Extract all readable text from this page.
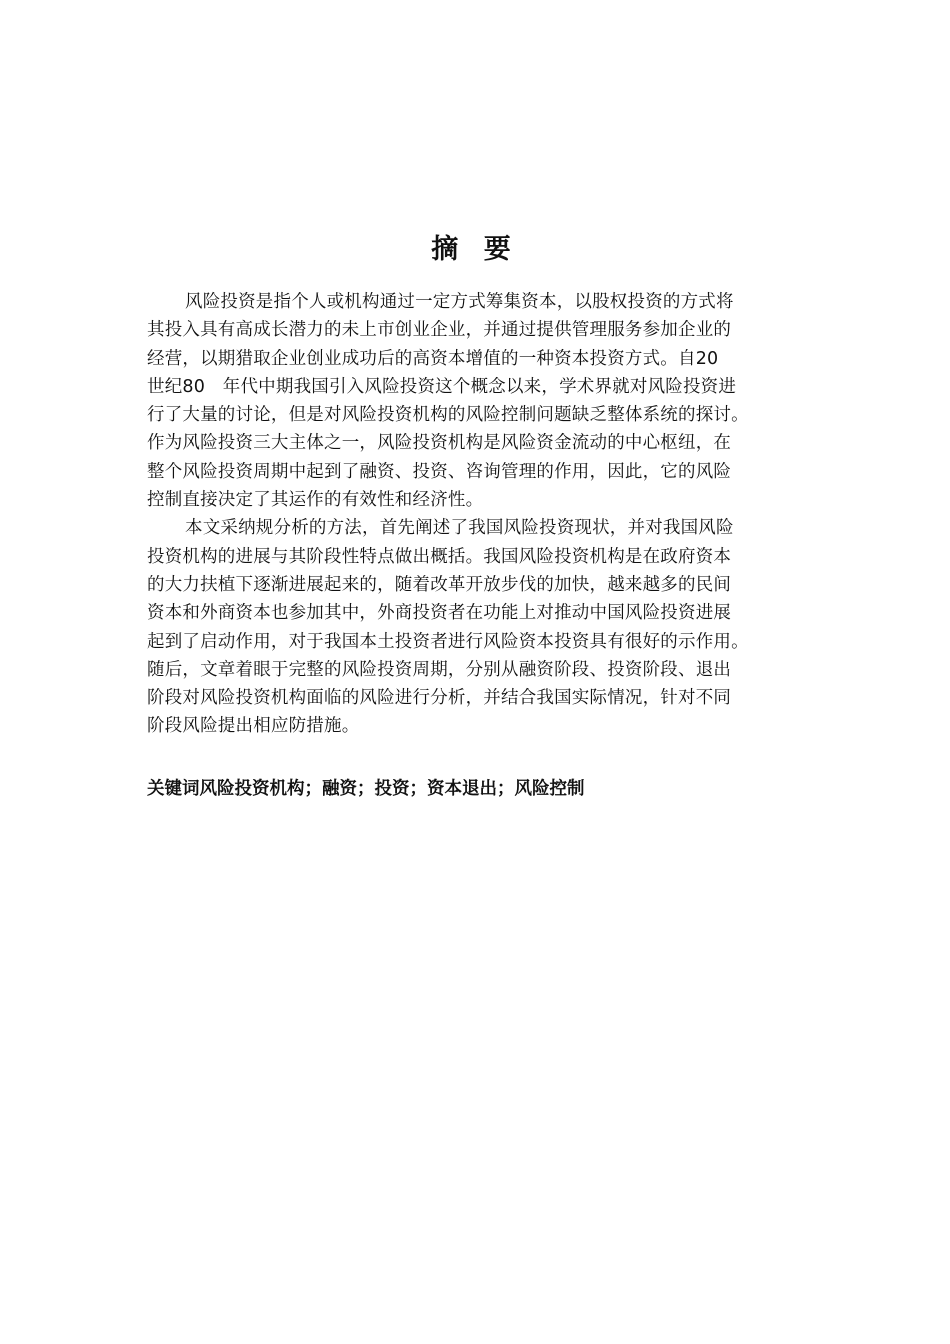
摘 要
风险投资是指个人或机构通过一定方式筹集资本，以股权投资的方式将
其投入具有高成长潜力的未上市创业企业，并通过提供管理服务参加企业的
经营，以期猎取企业创业成功后的高资本增值的一种资本投资方式。自20
世纪80　年代中期我国引入风险投资这个概念以来，学术界就对风险投资进
行了大量的讨论，但是对风险投资机构的风险控制问题缺乏整体系统的探讨。
作为风险投资三大主体之一，风险投资机构是风险资金流动的中心枢纽，在
整个风险投资周期中起到了融资、投资、咨询管理的作用，因此，它的风险
控制直接决定了其运作的有效性和经济性。
本文采纳规分析的方法，首先阐述了我国风险投资现状，并对我国风险
投资机构的进展与其阶段性特点做出概括。我国风险投资机构是在政府资本
的大力扶植下逐渐进展起来的，随着改革开放步伐的加快，越来越多的民间
资本和外商资本也参加其中，外商投资者在功能上对推动中国风险投资进展
起到了启动作用，对于我国本土投资者进行风险资本投资具有很好的示作用。
随后，文章着眼于完整的风险投资周期，分别从融资阶段、投资阶段、退出
阶段对风险投资机构面临的风险进行分析，并结合我国实际情况，针对不同
阶段风险提出相应防措施。
关键词风险投资机构；融资；投资；资本退出；风险控制
